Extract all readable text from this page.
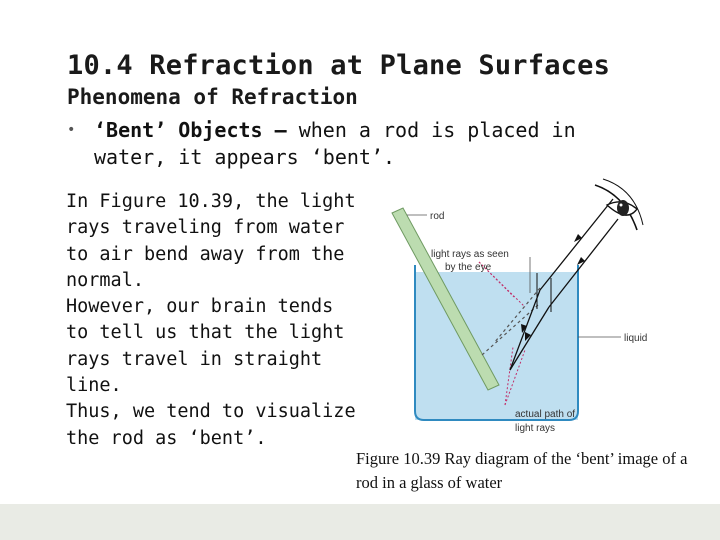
10.4 Refraction at Plane Surfaces
Phenomena of Refraction
• ‘Bent’ Objects – when a rod is placed in water, it appears ‘bent’.

In Figure 10.39, the light rays traveling from water to air bend away from the normal.

However, our brain tends to tell us that the light rays travel in straight line.

Thus, we tend to visualize the rod as ‘bent’.

rod
light rays as seen
by the eye
liquid
actual path of
light rays
Figure 10.39 Ray diagram of the ‘bent’ image of a rod in a glass of water
